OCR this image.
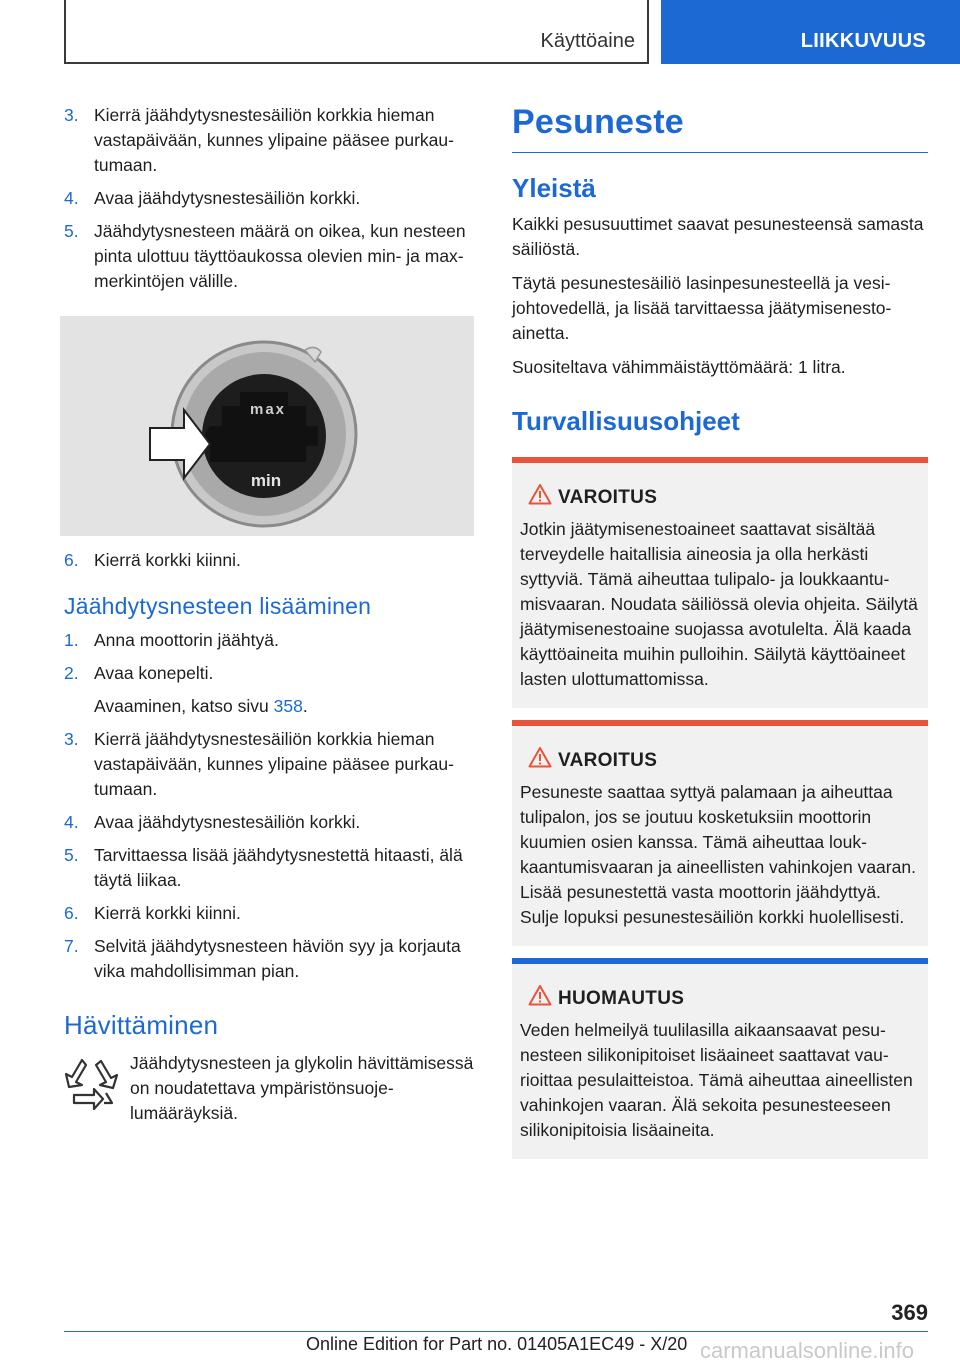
Käyttöaine	LIIKKUVUUS
3. Kierrä jäähdytysnestesäiliön korkkia hieman vastapäivään, kunnes ylipaine pääsee purkautumaan.
4. Avaa jäähdytysnestesäiliön korkki.
5. Jäähdytysnesteen määrä on oikea, kun nesteen pinta ulottuu täyttöaukossa olevien min- ja max-merkintöjen välille.
max
min
6. Kierrä korkki kiinni.
Jäähdytysnesteen lisääminen
1. Anna moottorin jäähtyä.
2. Avaa konepelti.
Avaaminen, katso sivu 358.
3. Kierrä jäähdytysnestesäiliön korkkia hieman vastapäivään, kunnes ylipaine pääsee purkautumaan.
4. Avaa jäähdytysnestesäiliön korkki.
5. Tarvittaessa lisää jäähdytysnestettä hitaasti, älä täytä liikaa.
6. Kierrä korkki kiinni.
7. Selvitä jäähdytysnesteen häviön syy ja korjauta vika mahdollisimman pian.
Hävittäminen
Jäähdytysnesteen ja glykolin hävittämisessä on noudatettava ympäristönsuojelumääräyksiä.
Pesuneste
Yleistä

Kaikki pesusuuttimet saavat pesunesteensä samasta säiliöstä.

Täytä pesunestesäiliö lasinpesunesteellä ja vesijohtovedellä, ja lisää tarvittaessa jäätymisenestoainetta.

Suositeltava vähimmäistäyttömäärä: 1 litra.

Turvallisuusohjeet
VAROITUS

Jotkin jäätymisenestoaineet saattavat sisältää terveydelle haitallisia aineosia ja olla herkästi syttyviä. Tämä aiheuttaa tulipalo- ja loukkaantumisvaaran. Noudata säiliössä olevia ohjeita. Säilytä jäätymisenestoaine suojassa avotulelta. Älä kaada käyttöaineita muihin pulloihin. Säilytä käyttöaineet lasten ulottumattomissa.

VAROITUS

Pesuneste saattaa syttyä palamaan ja aiheuttaa tulipalon, jos se joutuu kosketuksiin moottorin kuumien osien kanssa. Tämä aiheuttaa loukkaantumisvaaran ja aineellisten vahinkojen vaaran. Lisää pesunestettä vasta moottorin jäähdyttyä. Sulje lopuksi pesunestesäiliön korkki huolellisesti.

HUOMAUTUS

Veden helmeilyä tuulilasilla aikaansaavat pesunesteen silikonipitoiset lisäaineet saattavat vaurioittaa pesulaitteistoa. Tämä aiheuttaa aineellisten vahinkojen vaaran. Älä sekoita pesunesteeseen silikonipitoisia lisäaineita.

369
Online Edition for Part no. 01405A1EC49 - X/20 carmanualsonline.info
